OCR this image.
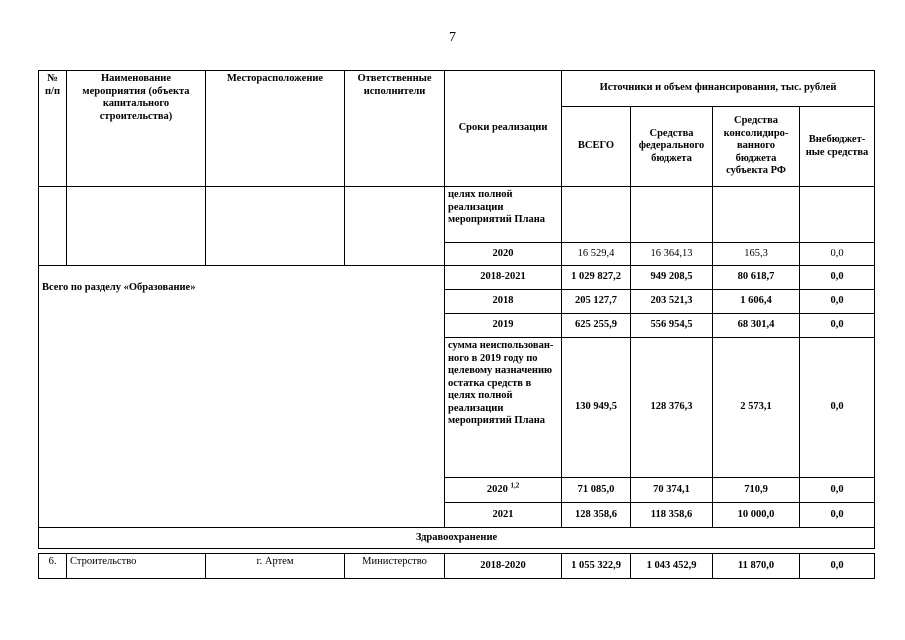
7
№ п/п	Наименование мероприятия (объекта капитального строительства)	Месторасположение	Ответственные исполнители	Сроки реализации	Источники и объем финансирования, тыс. рублей			
					ВСЕГО	Средства федерального бюджета	Средства консолидиро-ванного бюджета субъекта РФ	Внебюджет-ные средства
				целях полной реализации мероприятий Плана				
				2020	16 529,4	16 364,13	165,3	0,0
Всего по разделу «Образование»				2018-2021	1 029 827,2	949 208,5	80 618,7	0,0
				2018	205 127,7	203 521,3	1 606,4	0,0
				2019	625 255,9	556 954,5	68 301,4	0,0
				сумма неиспользован-ного в 2019 году по целевому назначению остатка средств в целях полной реализации мероприятий Плана	130 949,5	128 376,3	2 573,1	0,0
				2020 $^{1,2}$	71 085,0	70 374,1	710,9	0,0
				2021	128 358,6	118 358,6	10 000,0	0,0
Здравоохранение								

6.	Строительство	г. Артем	Министерство	2018-2020	1 055 322,9	1 043 452,9	11 870,0	0,0
